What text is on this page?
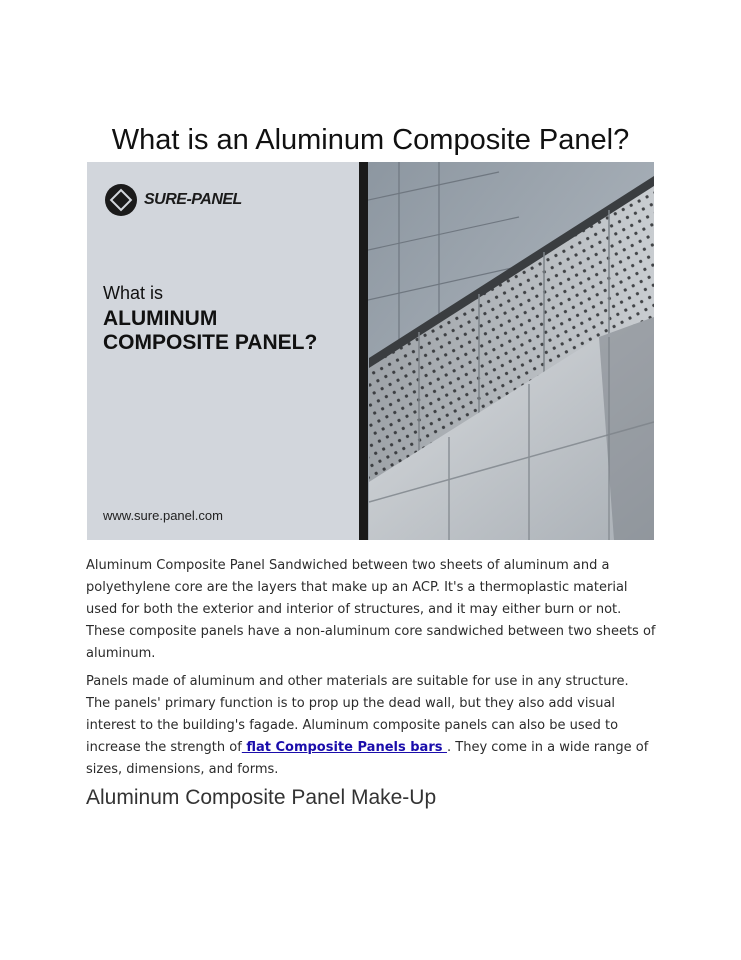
What is an Aluminum Composite Panel?
SURE-PANEL
What is
ALUMINUM
COMPOSITE PANEL?
www.sure.panel.com

Aluminum Composite Panel Sandwiched between two sheets of aluminum and a polyethylene core are the layers that make up an ACP. It's a thermoplastic material used for both the exterior and interior of structures, and it may either burn or not. These composite panels have a non-aluminum core sandwiched between two sheets of aluminum.

Panels made of aluminum and other materials are suitable for use in any structure. The panels' primary function is to prop up the dead wall, but they also add visual interest to the building's fagade. Aluminum composite panels can also be used to increase the strength of flat Composite Panels bars . They come in a wide range of sizes, dimensions, and forms.

Aluminum Composite Panel Make-Up
